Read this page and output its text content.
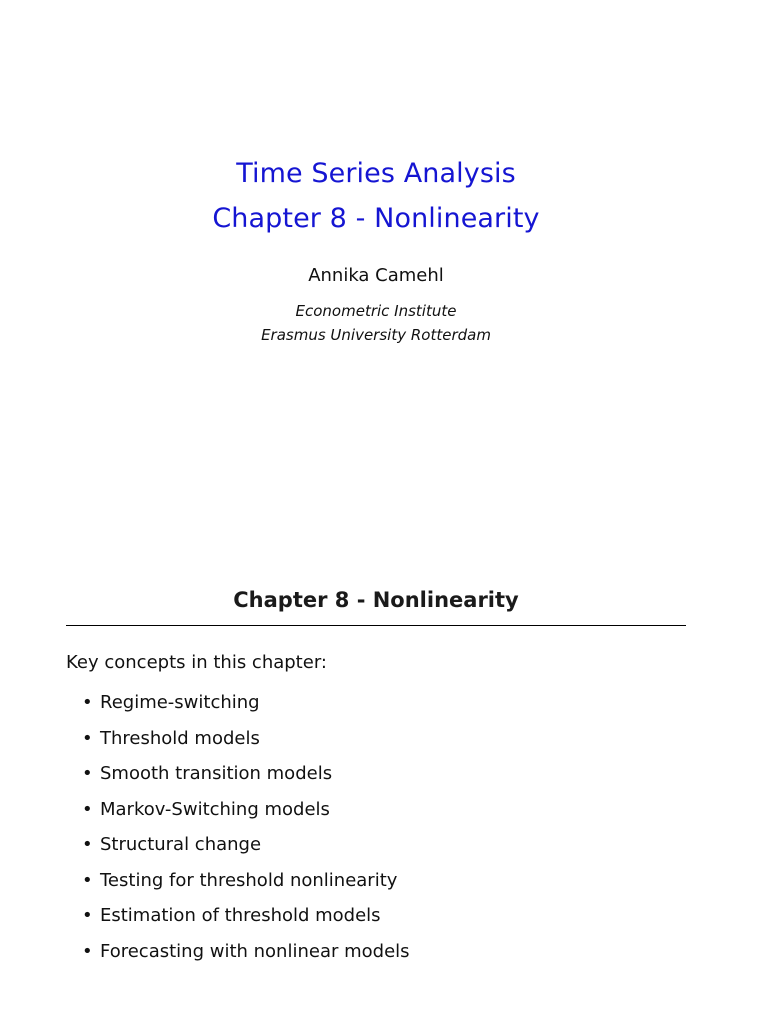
Time Series Analysis
Chapter 8 - Nonlinearity
Annika Camehl
Econometric Institute
Erasmus University Rotterdam
Chapter 8 - Nonlinearity
Key concepts in this chapter:
• Regime-switching
• Threshold models
• Smooth transition models
• Markov-Switching models
• Structural change
• Testing for threshold nonlinearity
• Estimation of threshold models
• Forecasting with nonlinear models
